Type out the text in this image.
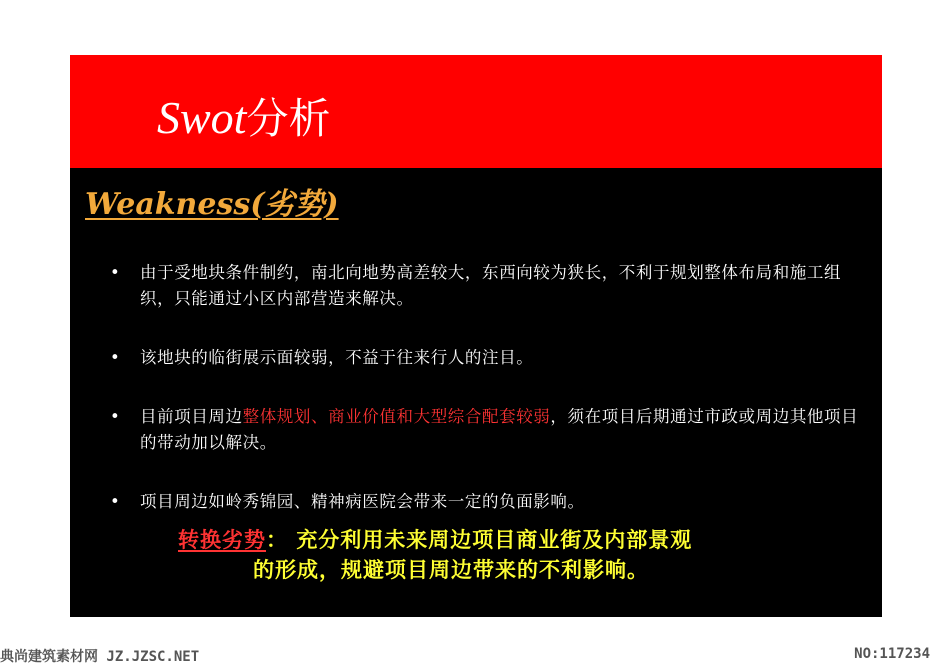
Swot分析
Weakness(劣势)
• 由于受地块条件制约，南北向地势高差较大，东西向较为狭长，不利于规划整体布局和施工组织，只能通过小区内部营造来解决。
• 该地块的临街展示面较弱，不益于往来行人的注目。
• 目前项目周边整体规划、商业价值和大型综合配套较弱，须在项目后期通过市政或周边其他项目的带动加以解决。
• 项目周边如岭秀锦园、精神病医院会带来一定的负面影响。
转换劣势： 充分利用未来周边项目商业街及内部景观
的形成，规避项目周边带来的不利影响。
典尚建筑素材网 JZ.JZSC.NET	NO:117234
